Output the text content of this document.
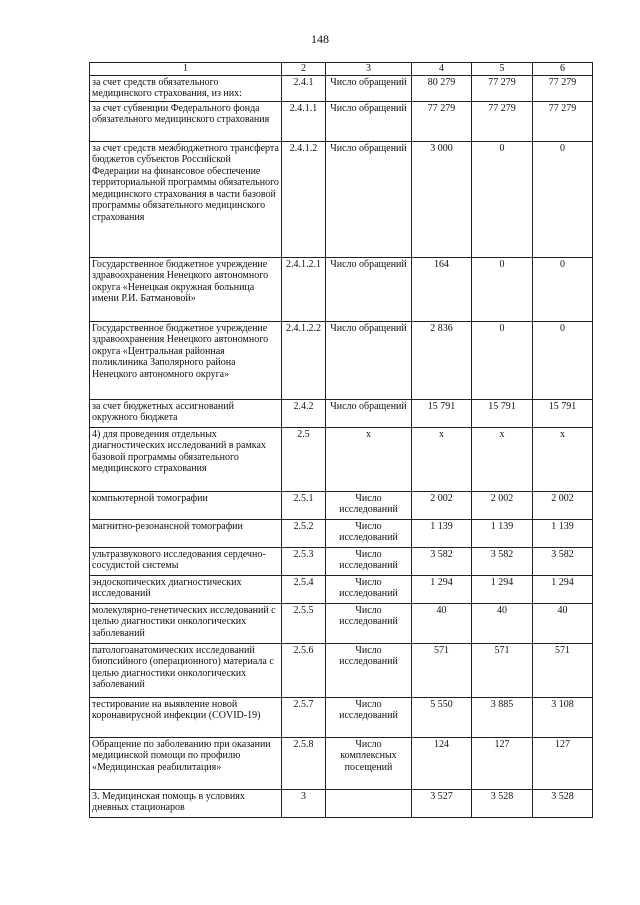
148
1	2	3	4	5	6
за счет средств обязательного медицинского страхования, из них:	2.4.1	Число обращений	80 279	77 279	77 279
за счет субвенции Федерального фонда обязательного медицинского страхования	2.4.1.1	Число обращений	77 279	77 279	77 279
за счет средств межбюджетного трансферта бюджетов субъектов Российской Федерации на финансовое обеспечение территориальной программы обязательного медицинского страхования в части базовой программы обязательного медицинского страхования	2.4.1.2	Число обращений	3 000	0	0
Государственное бюджетное учреждение здравоохранения Ненецкого автономного округа «Ненецкая окружная больница имени Р.И. Батмановой»	2.4.1.2.1	Число обращений	164	0	0
Государственное бюджетное учреждение здравоохранения Ненецкого автономного округа «Центральная районная поликлиника Заполярного района Ненецкого автономного округа»	2.4.1.2.2	Число обращений	2 836	0	0
за счет бюджетных ассигнований окружного бюджета	2.4.2	Число обращений	15 791	15 791	15 791
4) для проведения отдельных диагностических исследований в рамках базовой программы обязательного медицинского страхования	2.5	х	х	х	х
компьютерной томографии	2.5.1	Число исследований	2 002	2 002	2 002
магнитно-резонансной томографии	2.5.2	Число исследований	1 139	1 139	1 139
ультразвукового исследования сердечно-сосудистой системы	2.5.3	Число исследований	3 582	3 582	3 582
эндоскопических диагностических исследований	2.5.4	Число исследований	1 294	1 294	1 294
молекулярно-генетических исследований с целью диагностики онкологических заболеваний	2.5.5	Число исследований	40	40	40
патологоанатомических исследований биопсийного (операционного) материала с целью диагностики онкологических заболеваний	2.5.6	Число исследований	571	571	571
тестирование на выявление новой коронавирусной инфекции (COVID-19)	2.5.7	Число исследований	5 550	3 885	3 108
Обращение по заболеванию при оказании медицинской помощи по профилю «Медицинская реабилитация»	2.5.8	Число комплексных посещений	124	127	127
3. Медицинская помощь в условиях дневных стационаров	3		3 527	3 528	3 528
